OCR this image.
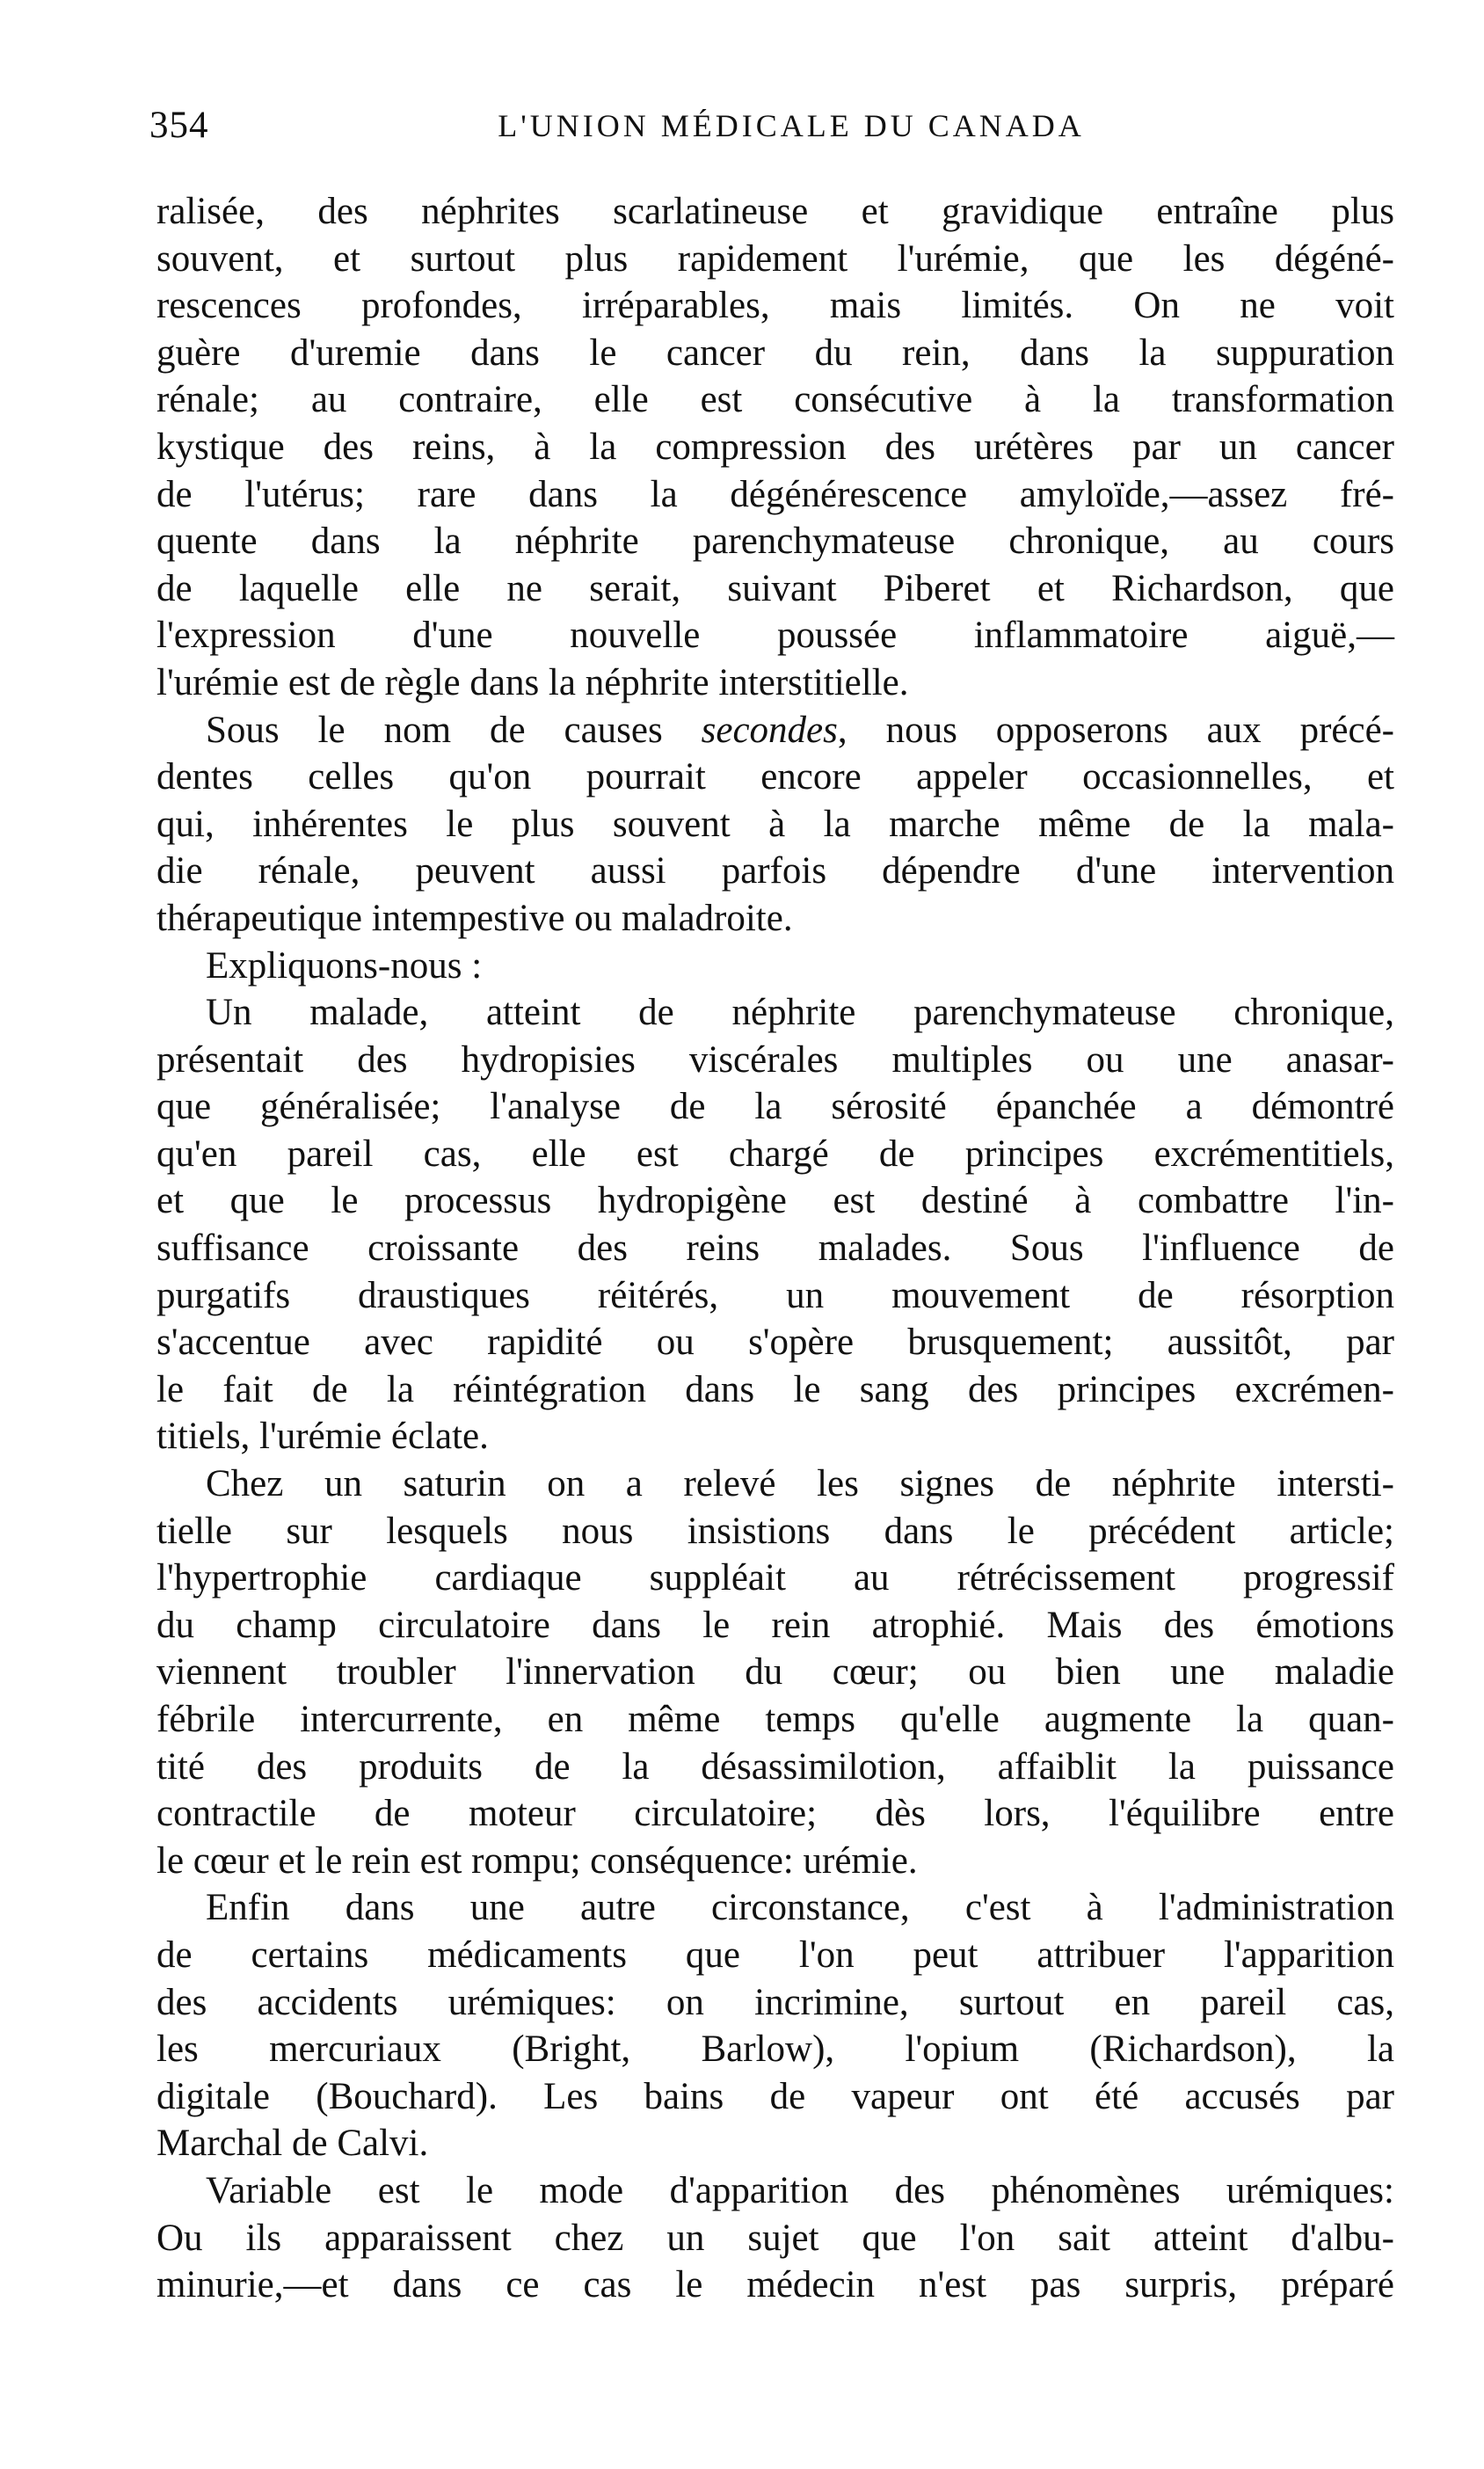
354	L'UNION MÉDICALE DU CANADA
ralisée, des néphrites scarlatineuse et gravidique entraîne plus
souvent, et surtout plus rapidement l'urémie, que les dégéné-
rescences profondes, irréparables, mais limités. On ne voit
guère d'uremie dans le cancer du rein, dans la suppuration
rénale; au contraire, elle est consécutive à la transformation
kystique des reins, à la compression des urétères par un cancer
de l'utérus; rare dans la dégénérescence amyloïde,—assez fré-
quente dans la néphrite parenchymateuse chronique, au cours
de laquelle elle ne serait, suivant Piberet et Richardson, que
l'expression d'une nouvelle poussée inflammatoire aiguë,—
l'urémie est de règle dans la néphrite interstitielle.
Sous le nom de causes secondes, nous opposerons aux précé-
dentes celles qu'on pourrait encore appeler occasionnelles, et
qui, inhérentes le plus souvent à la marche même de la mala-
die rénale, peuvent aussi parfois dépendre d'une intervention
thérapeutique intempestive ou maladroite.
Expliquons-nous :
Un malade, atteint de néphrite parenchymateuse chronique,
présentait des hydropisies viscérales multiples ou une anasar-
que généralisée; l'analyse de la sérosité épanchée a démontré
qu'en pareil cas, elle est chargé de principes excrémentitiels,
et que le processus hydropigène est destiné à combattre l'in-
suffisance croissante des reins malades. Sous l'influence de
purgatifs draustiques réitérés, un mouvement de résorption
s'accentue avec rapidité ou s'opère brusquement; aussitôt, par
le fait de la réintégration dans le sang des principes excrémen-
titiels, l'urémie éclate.
Chez un saturin on a relevé les signes de néphrite intersti-
tielle sur lesquels nous insistions dans le précédent article;
l'hypertrophie cardiaque suppléait au rétrécissement progressif
du champ circulatoire dans le rein atrophié. Mais des émotions
viennent troubler l'innervation du cœur; ou bien une maladie
fébrile intercurrente, en même temps qu'elle augmente la quan-
tité des produits de la désassimilotion, affaiblit la puissance
contractile de moteur circulatoire; dès lors, l'équilibre entre
le cœur et le rein est rompu; conséquence: urémie.
Enfin dans une autre circonstance, c'est à l'administration
de certains médicaments que l'on peut attribuer l'apparition
des accidents urémiques: on incrimine, surtout en pareil cas,
les mercuriaux (Bright, Barlow), l'opium (Richardson), la
digitale (Bouchard). Les bains de vapeur ont été accusés par
Marchal de Calvi.
Variable est le mode d'apparition des phénomènes urémiques:
Ou ils apparaissent chez un sujet que l'on sait atteint d'albu-
minurie,—et dans ce cas le médecin n'est pas surpris, préparé
